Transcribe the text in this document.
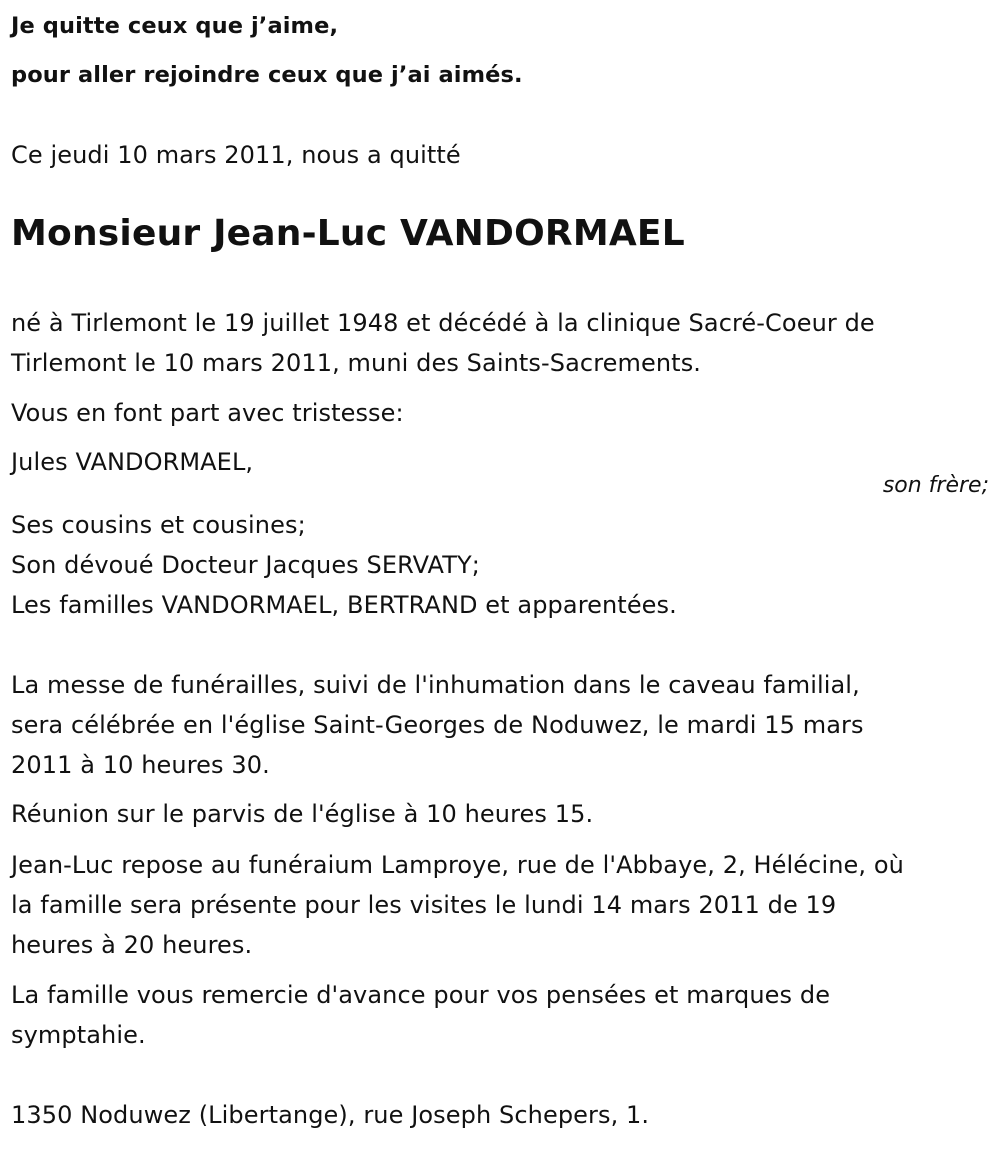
Je quitte ceux que j’aime,
pour aller rejoindre ceux que j’ai aimés.
Ce jeudi 10 mars 2011, nous a quitté
Monsieur Jean-Luc VANDORMAEL
né à Tirlemont le 19 juillet 1948 et décédé à la clinique Sacré-Coeur de
Tirlemont le 10 mars 2011, muni des Saints-Sacrements.
Vous en font part avec tristesse:
Jules VANDORMAEL,
son frère;
Ses cousins et cousines;
Son dévoué Docteur Jacques SERVATY;
Les familles VANDORMAEL, BERTRAND et apparentées.
La messe de funérailles, suivi de l'inhumation dans le caveau familial,
sera célébrée en l'église Saint-Georges de Noduwez, le mardi 15 mars
2011 à 10 heures 30.
Réunion sur le parvis de l'église à 10 heures 15.
Jean-Luc repose au funéraium Lamproye, rue de l'Abbaye, 2, Hélécine, où
la famille sera présente pour les visites le lundi 14 mars 2011 de 19
heures à 20 heures.
La famille vous remercie d'avance pour vos pensées et marques de
symptahie.
1350 Noduwez (Libertange), rue Joseph Schepers, 1.
